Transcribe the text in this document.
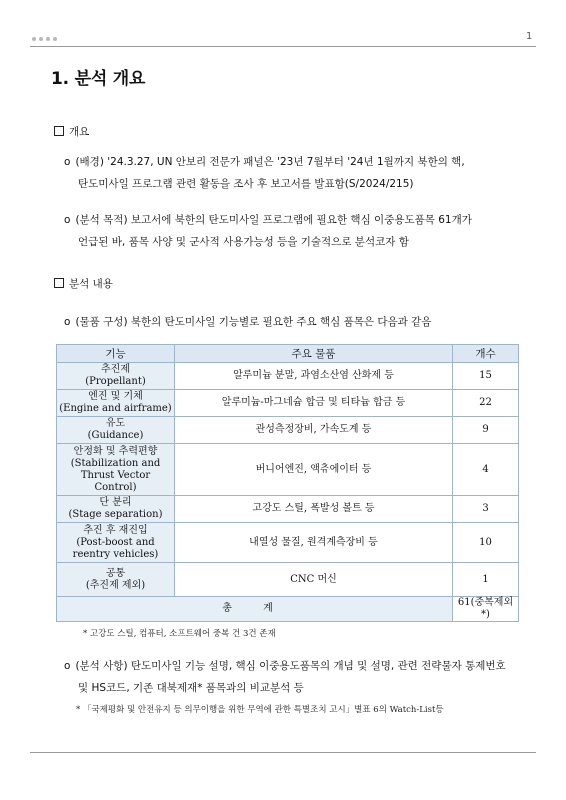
1
1. 분석 개요
개요
o (배경) '24.3.27, UN 안보리 전문가 패널은 '23년 7월부터 '24년 1월까지 북한의 핵,
탄도미사일 프로그램 관련 활동을 조사 후 보고서를 발표함(S/2024/215)
o (분석 목적) 보고서에 북한의 탄도미사일 프로그램에 필요한 핵심 이중용도품목 61개가
언급된 바, 품목 사양 및 군사적 사용가능성 등을 기술적으로 분석코자 함
분석 내용
o (물품 구성) 북한의 탄도미사일 기능별로 필요한 주요 핵심 품목은 다음과 같음
기능	주요 물품	개수
추진제
(Propellant)	알루미늄 분말, 과염소산염 산화제 등	15
엔진 및 기체
(Engine and airframe)	알루미늄-마그네슘 합금 및 티타늄 합금 등	22
유도
(Guidance)	관성측정장비, 가속도계 등	9
안정화 및 추력편향
(Stabilization and
Thrust Vector
Control)	버니어엔진, 액츄에이터 등	4
단 분리
(Stage separation)	고강도 스틸, 폭발성 볼트 등	3
추진 후 재진입
(Post-boost and
reentry vehicles)	내열성 물질, 원격계측장비 등	10
공통
(추진제 제외)	CNC 머신	1
총 계		61(중복제외*)
* 고강도 스틸, 컴퓨터, 소프트웨어 중복 건 3건 존재
o (분석 사항) 탄도미사일 기능 설명, 핵심 이중용도품목의 개념 및 설명, 관련 전략물자 통제번호
및 HS코드, 기존 대북제재* 품목과의 비교분석 등
* 「국제평화 및 안전유지 등 의무이행을 위한 무역에 관한 특별조치 고시」별표 6의 Watch-List등
